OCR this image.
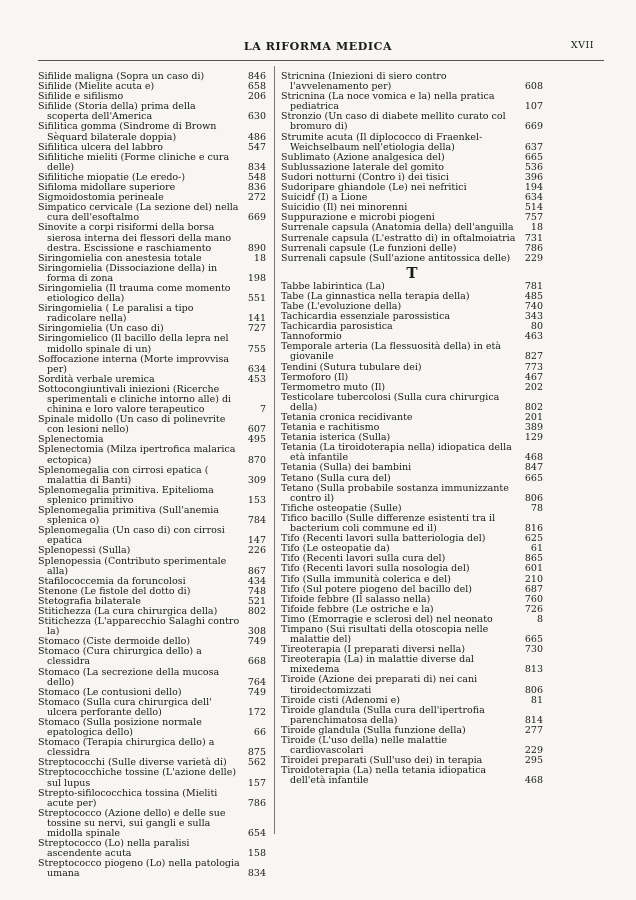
LA RIFORMA MEDICA	XVII
Sifilide maligna (Sopra un caso di)	846
Sifilide (Mielite acuta e)	658
Sifilide e sifilismo	206
Sifilide (Storia della) prima della scoperta dell'America	630
Sifilitica gomma (Sindrome di Brown Sèquard bilaterale doppia)	486
Sifilitica ulcera del labbro	547
Sifilitiche mieliti (Forme cliniche e cura delle)	834
Sifilitiche miopatie (Le eredo-)	548
Sifiloma midollare superiore	836
Sigmoidostomia perineale	272
Simpatico cervicale (La sezione del) nella cura dell'esoftalmo	669
Sinovite a corpi risiformi della borsa sierosa interna dei flessori della mano destra. Escissione e raschiamento	890
Siringomielia con anestesia totale	18
Siringomielia (Dissociazione della) in forma di zona	198
Siringomielia (Il trauma come momento etiologico della)	551
Siringomielia ( Le paralisi a tipo radicolare nella)	141
Siringomielia (Un caso di)	727
Siringomielico (Il bacillo della lepra nel midollo spinale di un)	755
Soffocazione interna (Morte improvvisa per)	634
Sordità verbale uremica	453
Sottocongiuntivali iniezioni (Ricerche sperimentali e cliniche intorno alle) di chinina e loro valore terapeutico	7
Spinale midollo (Un caso di polinevrite con lesioni nello)	607
Splenectomia	495
Splenectomia (Milza ipertrofica malarica ectopica)	870
Splenomegalia con cirrosi epatica ( malattia di Banti)	309
Splenomegalia primitiva. Epitelioma splenico primitivo	153
Splenomegalia primitiva (Sull'anemia splenica o)	784
Splenomegalia (Un caso di) con cirrosi epatica	147
Splenopessi (Sulla)	226
Splenopessia (Contributo sperimentale alla)	867
Stafilococcemia da foruncolosi	434
Stenone (Le fistole del dotto di)	748
Stetografia bilaterale	521
Stitichezza (La cura chirurgica della)	802
Stitichezza (L'apparecchio Salaghi contro la)	308
Stomaco (Ciste dermoide dello)	749
Stomaco (Cura chirurgica dello) a clessidra	668
Stomaco (La secrezione della mucosa dello)	764
Stomaco (Le contusioni dello)	749
Stomaco (Sulla cura chirurgica dell' ulcera perforante dello)	172
Stomaco (Sulla posizione normale epatologica dello)	66
Stomaco (Terapia chirurgica dello) a clessidra	875
Streptococchi (Sulle diverse varietà di)	562
Streptococchiche tossine (L'azione delle) sul lupus	157
Strepto-sifilococchica tossina (Mieliti acute per)	786
Streptococco (Azione dello) e delle sue tossine su nervi, sui gangli e sulla midolla spinale	654
Streptococco (Lo) nella paralisi ascendente acuta	158
Streptococco piogeno (Lo) nella patologia umana	834
Stricnina (Iniezioni di siero contro l'avvelenamento per)	608
Stricnina (La noce vomica e la) nella pratica pediatrica	107
Stronzio (Un caso di diabete mellito curato col bromuro di)	669
Strumite acuta (Il diplococco di Fraenkel-Weichselbaum nell'etiologia della)	637
Sublimato (Azione analgesica del)	665
Sublussazione laterale del gomito	536
Sudori notturni (Contro i) dei tisici	396
Sudoripare ghiandole (Le) nei nefritici	194
Suicidf (I) a Lione	634
Suicidio (Il) nei minorenni	514
Suppurazione e microbi piogeni	757
Surrenale capsula (Anatomia della) dell'anguilla	18
Surrenale capsula (L'estratto di) in oftalmoiatria 731
Surrenali capsule (Le funzioni delle)	786
Surrenali capsule (Sull'azione antitossica delle)	229
T
Tabbe labirintica (La)	781
Tabe (La ginnastica nella terapia della)	485
Tabe (L'evoluzione della)	740
Tachicardia essenziale parossistica	343
Tachicardia parosistica	80
Tannoformio	463
Temporale arteria (La flessuosità della) in età giovanile	827
Tendini (Sutura tubulare dei)	773
Termoforo (Il)	467
Termometro muto (Il)	202
Testicolare tubercolosi (Sulla cura chirurgica della)	802
Tetania cronica recidivante	201
Tetania e rachitismo	389
Tetania isterica (Sulla)	129
Tetania (La tiroidoterapia nella) idiopatica della età infantile	468
Tetania (Sulla) dei bambini	847
Tetano (Sulla cura del)	665
Tetano (Sulla probabile sostanza immunizzante contro il)	806
Tifiche osteopatie (Sulle)	78
Tifico bacillo (Sulle differenze esistenti tra il bacterium coli commune ed il)	816
Tifo (Recenti lavori sulla batteriologia del)	625
Tifo (Le osteopatie da)	61
Tifo (Recenti lavori sulla cura del)	865
Tifo (Recenti lavori sulla nosologia del)	601
Tifo (Sulla immunità colerica e del)	210
Tifo (Sul potere piogeno del bacillo del)	687
Tifoide febbre (Il salasso nella)	760
Tifoide febbre (Le ostriche e la)	726
Timo (Emorragie e sclerosi del) nel neonato	8
Timpano (Sui risultati della otoscopia nelle malattie del)	665
Tireoterapia (I preparati diversi nella)	730
Tireoterapia (La) in malattie diverse dal mixedema	813
Tiroide (Azione dei preparati di) nei cani tiroidectomizzati	806
Tiroide cisti (Adenomi e)	81
Tiroide glandula (Sulla cura dell'ipertrofia parenchimatosa della)	814
Tiroide glandula (Sulla funzione della)	277
Tiroide (L'uso della) nelle malattie cardiovascolari	229
Tiroidei preparati (Sull'uso dei) in terapia	295
Tiroidoterapia (La) nella tetania idiopatica dell'età infantile	468
